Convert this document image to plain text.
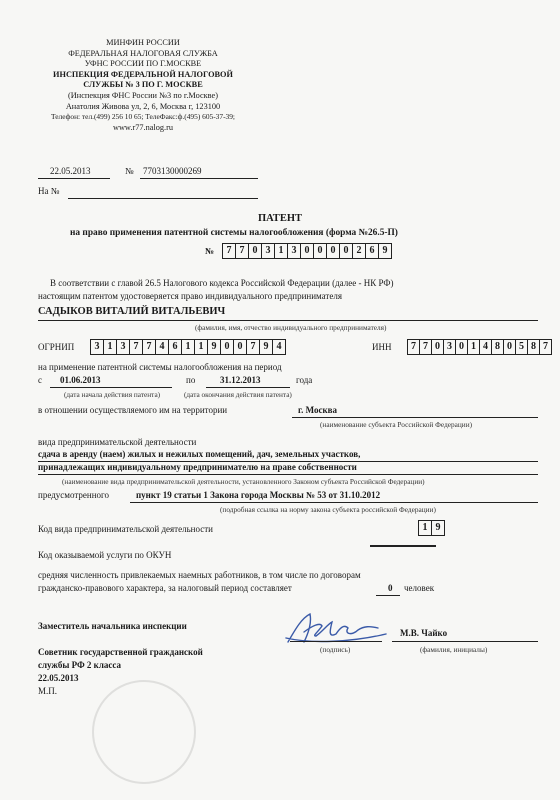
МИНФИН РОССИИ
ФЕДЕРАЛЬНАЯ НАЛОГОВАЯ СЛУЖБА
УФНС РОССИИ ПО Г.МОСКВЕ
ИНСПЕКЦИЯ ФЕДЕРАЛЬНОЙ НАЛОГОВОЙ
СЛУЖБЫ № 3 ПО Г. МОСКВЕ
(Инспекция ФНС России №3 по г.Москве)
Анатолия Живова ул, 2, 6, Москва г, 123100
Телефон: тел.(499) 256 10 65; ТелеФакс:ф.(495) 605-37-39;
www.r77.nalog.ru
22.05.2013	№ 7703130000269
На №
ПАТЕНТ
на право применения патентной системы налогообложения (форма №26.5-П)
№	7 7 0 3 1 3 0 0 0 0 2 6 9
В соответствии с главой 26.5 Налогового кодекса Российской Федерации (далее - НК РФ)
настоящим патентом удостоверяется право индивидуального предпринимателя
САДЫКОВ ВИТАЛИЙ ВИТАЛЬЕВИЧ
(фамилия, имя, отчество индивидуального предпринимателя)
ОГРНИП	3 1 3 7 7 4 6 1 1 9 0 0 7 9 4	ИНН	7 7 0 3 0 1 4 8 0 5 8 7
на применение патентной системы налогообложения на период
с 01.06.2013	по	31.12.2013	года
(дата начала действия патента)	(дата окончания действия патента)
в отношении осуществляемого им на территории	г. Москва
(наименование субъекта Российской Федерации)
вида предпринимательской деятельности
сдача в аренду (наем) жилых и нежилых помещений, дач, земельных участков,
принадлежащих индивидуальному предпринимателю на праве собственности
(наименование вида предпринимательской деятельности, установленного Законом субъекта Российской Федерации)
предусмотренного	пункт 19 статьи 1 Закона города Москвы № 53 от 31.10.2012
(подробная ссылка на норму закона субъекта российской Федерации)
Код вида предпринимательской деятельности	1 9
Код оказываемой услуги по ОКУН
средняя численность привлекаемых наемных работников, в том числе по договорам
гражданско-правового характера, за налоговый период составляет	0 человек
Заместитель начальника инспекции
М.В. Чайко
(подпись)	(фамилия, инициалы)
Советник государственной гражданской
службы РФ 2 класса
22.05.2013
М.П.
